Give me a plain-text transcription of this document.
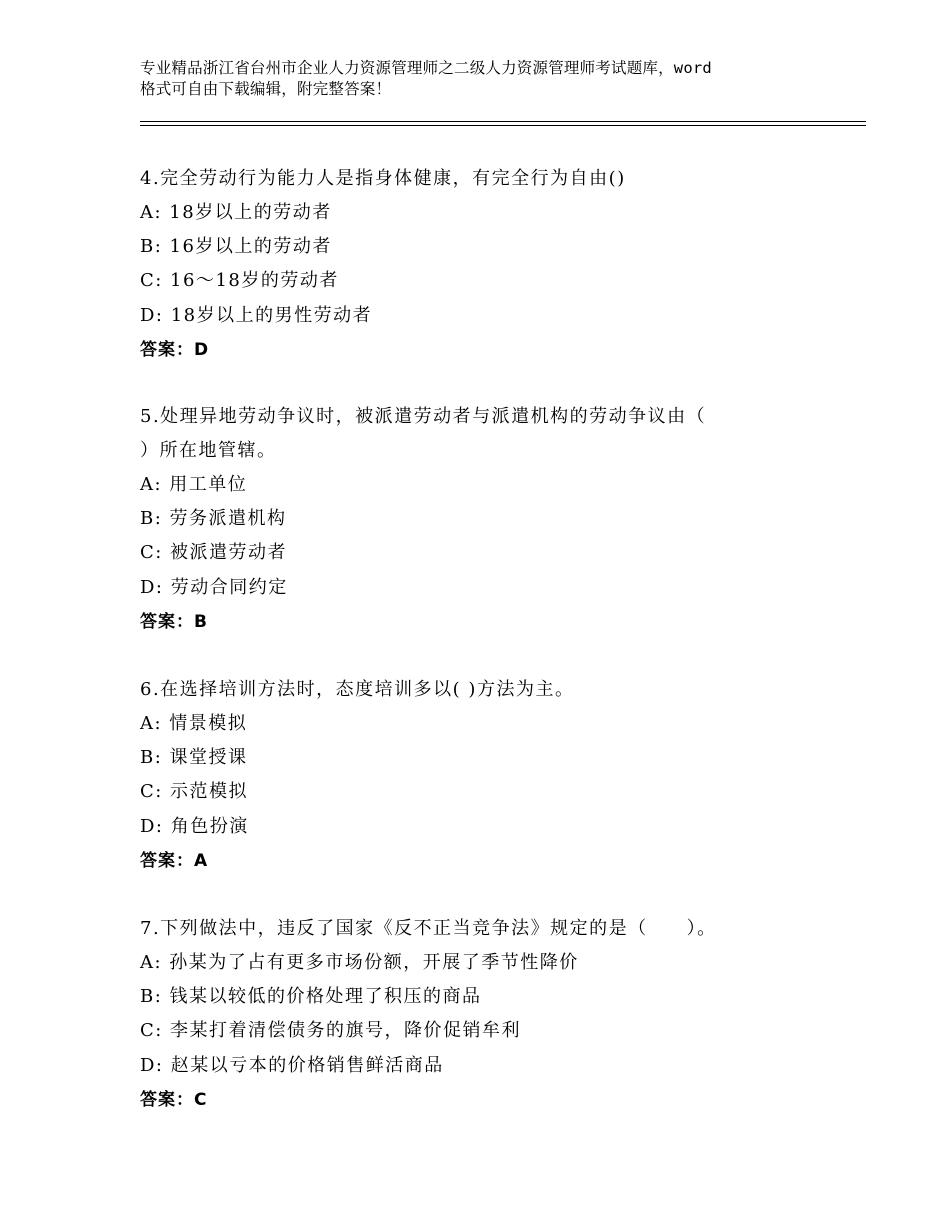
专业精品浙江省台州市企业人力资源管理师之二级人力资源管理师考试题库，word
格式可自由下载编辑，附完整答案！
4.完全劳动行为能力人是指身体健康，有完全行为自由()
A: 18岁以上的劳动者
B: 16岁以上的劳动者
C: 16～18岁的劳动者
D: 18岁以上的男性劳动者
答案：D
5.处理异地劳动争议时，被派遣劳动者与派遣机构的劳动争议由（
）所在地管辖。
A: 用工单位
B: 劳务派遣机构
C: 被派遣劳动者
D: 劳动合同约定
答案：B
6.在选择培训方法时，态度培训多以( )方法为主。
A: 情景模拟
B: 课堂授课
C: 示范模拟
D: 角色扮演
答案：A
7.下列做法中，违反了国家《反不正当竞争法》规定的是（　　）。
A: 孙某为了占有更多市场份额，开展了季节性降价
B: 钱某以较低的价格处理了积压的商品
C: 李某打着清偿债务的旗号，降价促销牟利
D: 赵某以亏本的价格销售鲜活商品
答案：C
